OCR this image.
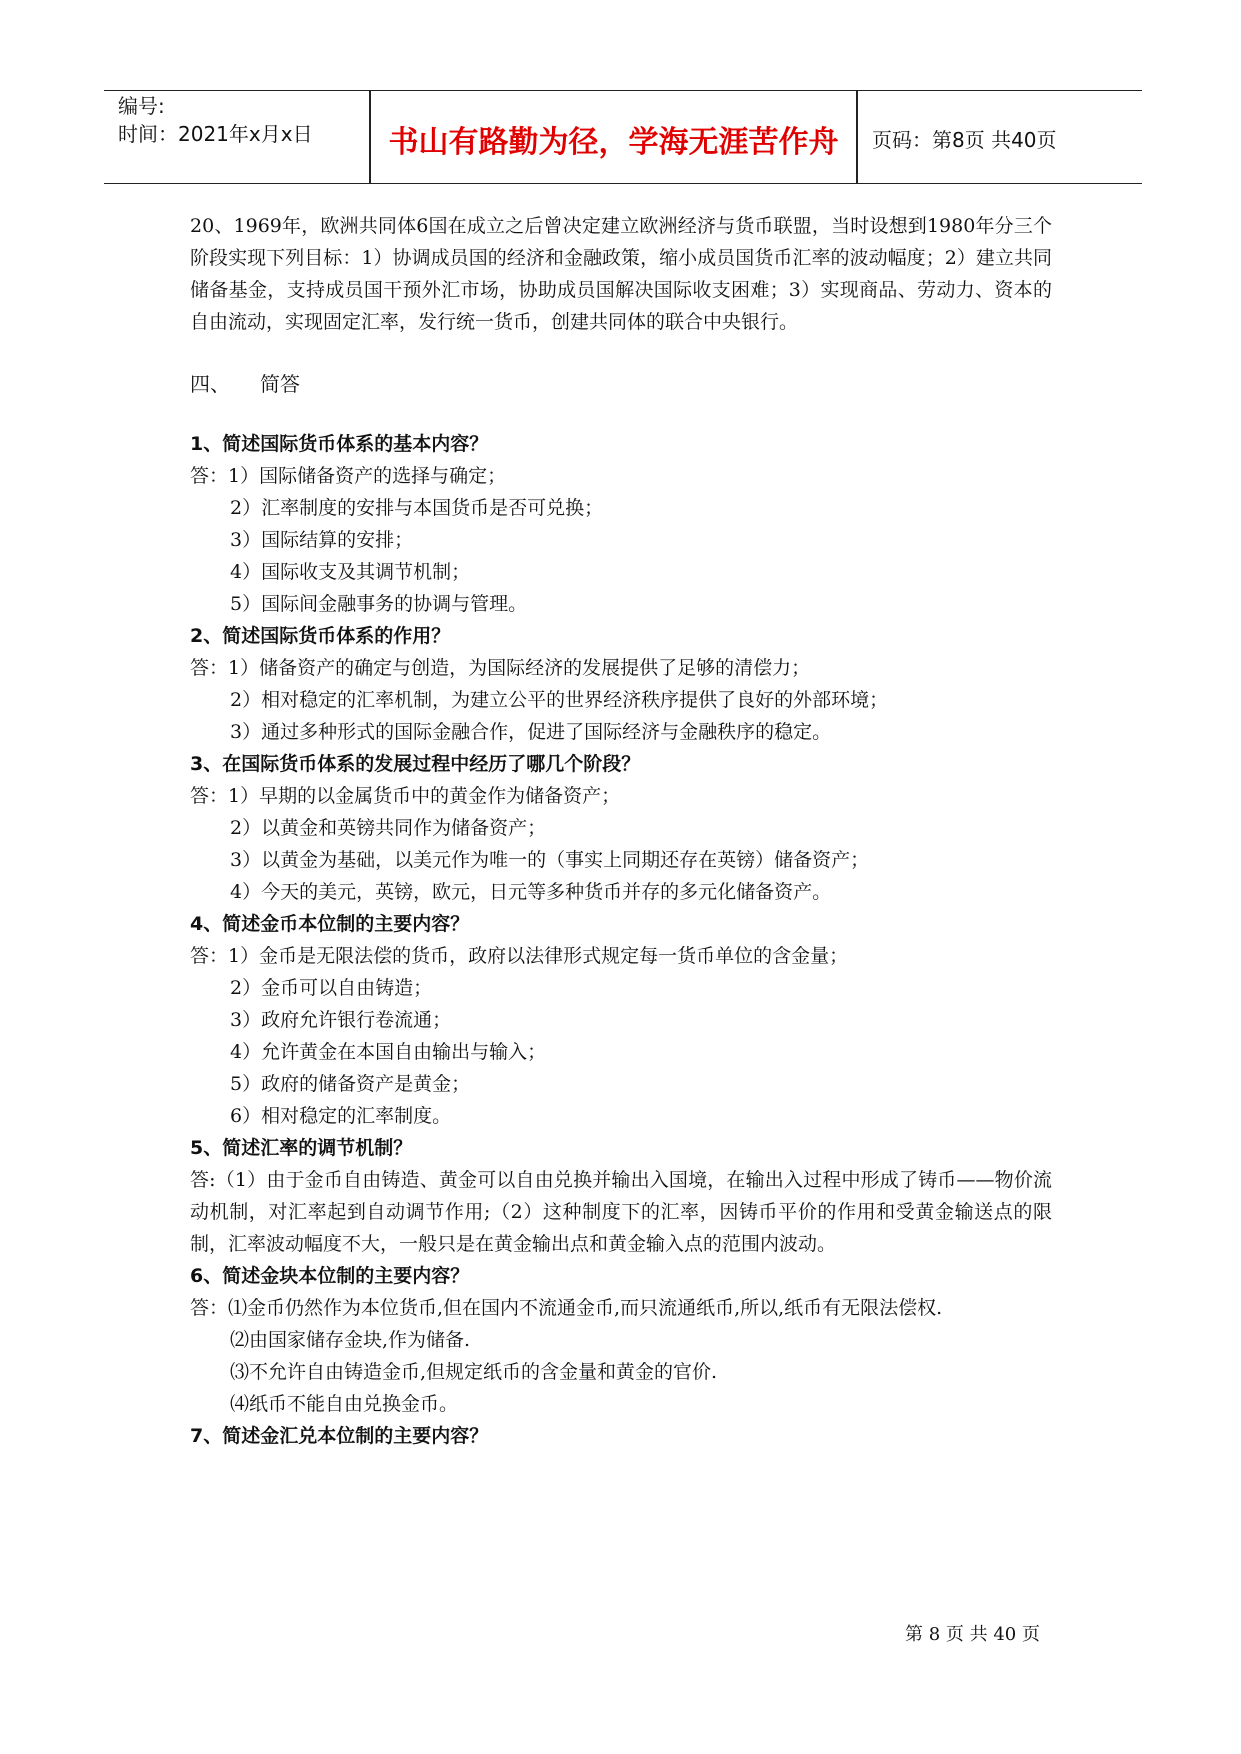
编号:
时间：2021年x月x日	书山有路勤为径，学海无涯苦作舟	页码：第8页 共40页

20、1969年，欧洲共同体6国在成立之后曾决定建立欧洲经济与货币联盟，当时设想到1980年分三个阶段实现下列目标：1）协调成员国的经济和金融政策，缩小成员国货币汇率的波动幅度；2）建立共同储备基金，支持成员国干预外汇市场，协助成员国解决国际收支困难；3）实现商品、劳动力、资本的自由流动，实现固定汇率，发行统一货币，创建共同体的联合中央银行。

四、 简答

1、简述国际货币体系的基本内容？

答：1）国际储备资产的选择与确定；

2）汇率制度的安排与本国货币是否可兑换；

3）国际结算的安排；

4）国际收支及其调节机制；

5）国际间金融事务的协调与管理。

2、简述国际货币体系的作用？

答：1）储备资产的确定与创造，为国际经济的发展提供了足够的清偿力；

2）相对稳定的汇率机制，为建立公平的世界经济秩序提供了良好的外部环境；

3）通过多种形式的国际金融合作，促进了国际经济与金融秩序的稳定。

3、在国际货币体系的发展过程中经历了哪几个阶段？

答：1）早期的以金属货币中的黄金作为储备资产；

2）以黄金和英镑共同作为储备资产；

3）以黄金为基础，以美元作为唯一的（事实上同期还存在英镑）储备资产；

4）今天的美元，英镑，欧元，日元等多种货币并存的多元化储备资产。

4、简述金币本位制的主要内容？

答：1）金币是无限法偿的货币，政府以法律形式规定每一货币单位的含金量；

2）金币可以自由铸造；

3）政府允许银行卷流通；

4）允许黄金在本国自由输出与输入；

5）政府的储备资产是黄金；

6）相对稳定的汇率制度。

5、简述汇率的调节机制？

答:（1）由于金币自由铸造、黄金可以自由兑换并输出入国境，在输出入过程中形成了铸币——物价流动机制，对汇率起到自动调节作用;（2）这种制度下的汇率，因铸币平价的作用和受黄金输送点的限制，汇率波动幅度不大，一般只是在黄金输出点和黄金输入点的范围内波动。

6、简述金块本位制的主要内容？

答：⑴金币仍然作为本位货币,但在国内不流通金币,而只流通纸币,所以,纸币有无限法偿权.

⑵由国家储存金块,作为储备.

⑶不允许自由铸造金币,但规定纸币的含金量和黄金的官价.

⑷纸币不能自由兑换金币。

7、简述金汇兑本位制的主要内容？

第 8 页 共 40 页
